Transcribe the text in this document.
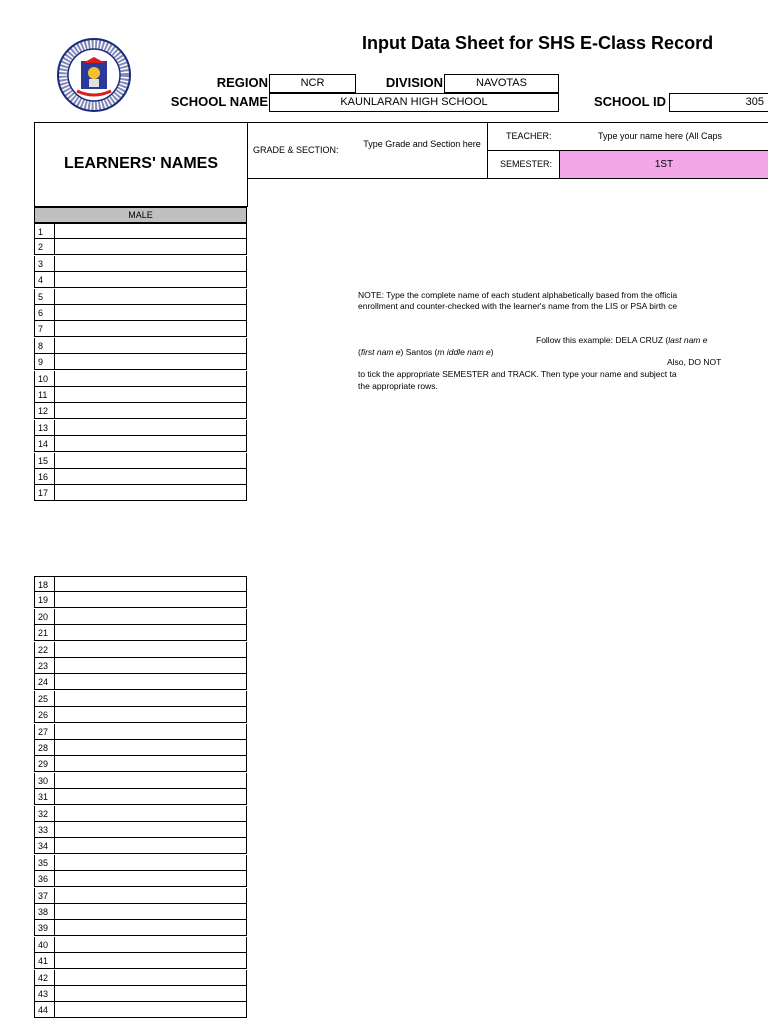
Input Data Sheet for SHS E-Class Record
REGION	NCR	DIVISION	NAVOTAS
SCHOOL NAME	KAUNLARAN HIGH SCHOOL	SCHOOL ID	305
LEARNERS' NAMES
GRADE & SECTION:
Type Grade and Section here
TEACHER:	Type your name here (All Caps
SEMESTER:	1ST
MALE
1
2
3
4
5
6
7
8
9
10
11
12
13
14
15
16
17
18
19
20
21
22
23
24
25
26
27
28
29
30
31
32
33
34
35
36
37
38
39
40
41
42
43
44
NOTE: Type the complete name of each student alphabetically based from the officia
enrollment and counter-checked with the learner's name from the LIS or PSA birth ce
Follow this example: DELA CRUZ (last nam e
(first nam e) Santos (m iddle nam e)
Also, DO NOT
to tick the appropriate SEMESTER and TRACK. Then type your name and subject ta
the appropriate rows.
